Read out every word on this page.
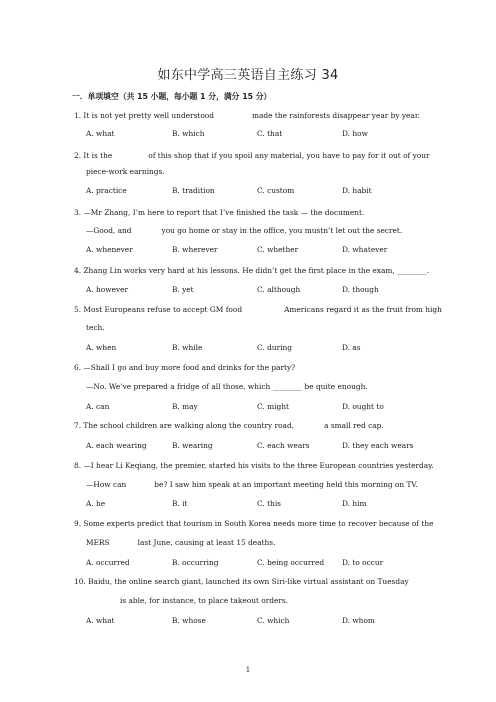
如东中学高三英语自主练习 34
一．单项填空（共 15 小题，每小题 1 分，满分 15 分）
1. It is not yet pretty well understood	made the rainforests disappear year by year.
A. what	B. which	C. that	D. how
2. It is the	of this shop that if you spoil any material, you have to pay for it out of your
piece-work earnings.
A. practice	B. tradition	C. custom	D. habit
3. —Mr Zhang, I’m here to report that I’ve finished the task — the document.
—Good, and	you go home or stay in the office, you mustn’t let out the secret.
A. whenever	B. wherever	C. whether	D. whatever
4. Zhang Lin works very hard at his lessons. He didn’t get the first place in the exam, ________.
A. however	B. yet	C. although	D. though
5. Most Europeans refuse to accept GM food	Americans regard it as the fruit from high
tech.
A. when	B. while	C. during	D. as
6. —Shall I go and buy more food and drinks for the party?
—No. We’ve prepared a fridge of all those, which ________ be quite enough.
A. can	B. may	C. might	D. ought to
7. The school children are walking along the country road,	a small red cap.
A. each wearing	B. wearing	C. each wears	D. they each wears
8. —I hear Li Keqiang, the premier, started his visits to the three European countries yesterday.
—How can	be? I saw him speak at an important meeting held this morning on TV.
A. he	B. it	C. this	D. him
9. Some experts predict that tourism in South Korea needs more time to recover because of the
MERS	last June, causing at least 15 deaths.
A. occurred	B. occurring	C. being occurred D. to occur
10. Baidu, the online search giant, launched its own Siri-like virtual assistant on Tuesday
is able, for instance, to place takeout orders.
A. what	B. whose	C. which	D. whom
1
